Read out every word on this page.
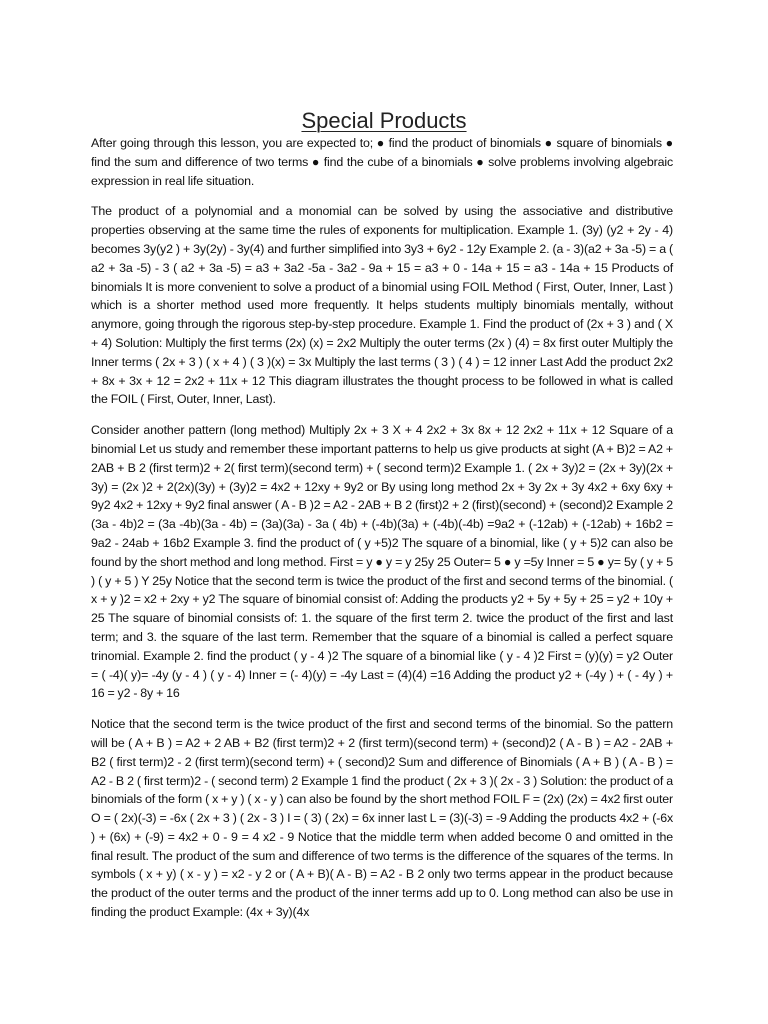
Special Products

After going through this lesson, you are expected to; ● find the product of binomials ● square of binomials ● find the sum and difference of two terms ● find the cube of a binomials ● solve problems involving algebraic expression in real life situation.

The product of a polynomial and a monomial can be solved by using the associative and distributive properties observing at the same time the rules of exponents for multiplication. Example 1. (3y) (y2 + 2y - 4) becomes 3y(y2 ) + 3y(2y) - 3y(4) and further simplified into 3y3 + 6y2 - 12y Example 2. (a - 3)(a2 + 3a -5) = a ( a2 + 3a -5) - 3 ( a2 + 3a -5) = a3 + 3a2 -5a - 3a2 - 9a + 15 = a3 + 0 - 14a + 15 = a3 - 14a + 15 Products of binomials It is more convenient to solve a product of a binomial using FOIL Method ( First, Outer, Inner, Last ) which is a shorter method used more frequently. It helps students multiply binomials mentally, without anymore, going through the rigorous step-by-step procedure. Example 1. Find the product of (2x + 3 ) and ( X + 4) Solution: Multiply the first terms (2x) (x) = 2x2 Multiply the outer terms (2x ) (4) = 8x first outer Multiply the Inner terms ( 2x + 3 ) ( x + 4 ) ( 3 )(x) = 3x Multiply the last terms ( 3 ) ( 4 ) = 12 inner Last Add the product 2x2 + 8x + 3x + 12 = 2x2 + 11x + 12 This diagram illustrates the thought process to be followed in what is called the FOIL ( First, Outer, Inner, Last).

Consider another pattern (long method) Multiply 2x + 3 X + 4 2x2 + 3x 8x + 12 2x2 + 11x + 12 Square of a binomial Let us study and remember these important patterns to help us give products at sight (A + B)2 = A2 + 2AB + B 2 (first term)2 + 2( first term)(second term) + ( second term)2 Example 1. ( 2x + 3y)2 = (2x + 3y)(2x + 3y) = (2x )2 + 2(2x)(3y) + (3y)2 = 4x2 + 12xy + 9y2 or By using long method 2x + 3y 2x + 3y 4x2 + 6xy 6xy + 9y2 4x2 + 12xy + 9y2 final answer ( A - B )2 = A2 - 2AB + B 2 (first)2 + 2 (first)(second) + (second)2 Example 2 (3a - 4b)2 = (3a -4b)(3a - 4b) = (3a)(3a) - 3a ( 4b) + (-4b)(3a) + (-4b)(-4b) =9a2 + (-12ab) + (-12ab) + 16b2 = 9a2 - 24ab + 16b2 Example 3. find the product of ( y +5)2 The square of a binomial, like ( y + 5)2 can also be found by the short method and long method. First = y ● y = y 25y 25 Outer= 5 ● y =5y Inner = 5 ● y= 5y ( y + 5 ) ( y + 5 ) Y 25y Notice that the second term is twice the product of the first and second terms of the binomial. ( x + y )2 = x2 + 2xy + y2 The square of binomial consist of: Adding the products y2 + 5y + 5y + 25 = y2 + 10y + 25 The square of binomial consists of: 1. the square of the first term 2. twice the product of the first and last term; and 3. the square of the last term. Remember that the square of a binomial is called a perfect square trinomial. Example 2. find the product ( y - 4 )2 The square of a binomial like ( y - 4 )2 First = (y)(y) = y2 Outer = ( -4)( y)= -4y (y - 4 ) ( y - 4) Inner = (- 4)(y) = -4y Last = (4)(4) =16 Adding the product y2 + (-4y ) + ( - 4y ) + 16 = y2 - 8y + 16

Notice that the second term is the twice product of the first and second terms of the binomial. So the pattern will be ( A + B ) = A2 + 2 AB + B2 (first term)2 + 2 (first term)(second term) + (second)2 ( A - B ) = A2 - 2AB + B2 ( first term)2 - 2 (first term)(second term) + ( second)2 Sum and difference of Binomials ( A + B ) ( A - B ) = A2 - B 2 ( first term)2 - ( second term) 2 Example 1 find the product ( 2x + 3 )( 2x - 3 ) Solution: the product of a binomials of the form ( x + y ) ( x - y ) can also be found by the short method FOIL F = (2x) (2x) = 4x2 first outer O = ( 2x)(-3) = -6x ( 2x + 3 ) ( 2x - 3 ) I = ( 3) ( 2x) = 6x inner last L = (3)(-3) = -9 Adding the products 4x2 + (-6x ) + (6x) + (-9) = 4x2 + 0 - 9 = 4 x2 - 9 Notice that the middle term when added become 0 and omitted in the final result. The product of the sum and difference of two terms is the difference of the squares of the terms. In symbols ( x + y) ( x - y ) = x2 - y 2 or ( A + B)( A - B) = A2 - B 2 only two terms appear in the product because the product of the outer terms and the product of the inner terms add up to 0. Long method can also be use in finding the product Example: (4x + 3y)(4x
